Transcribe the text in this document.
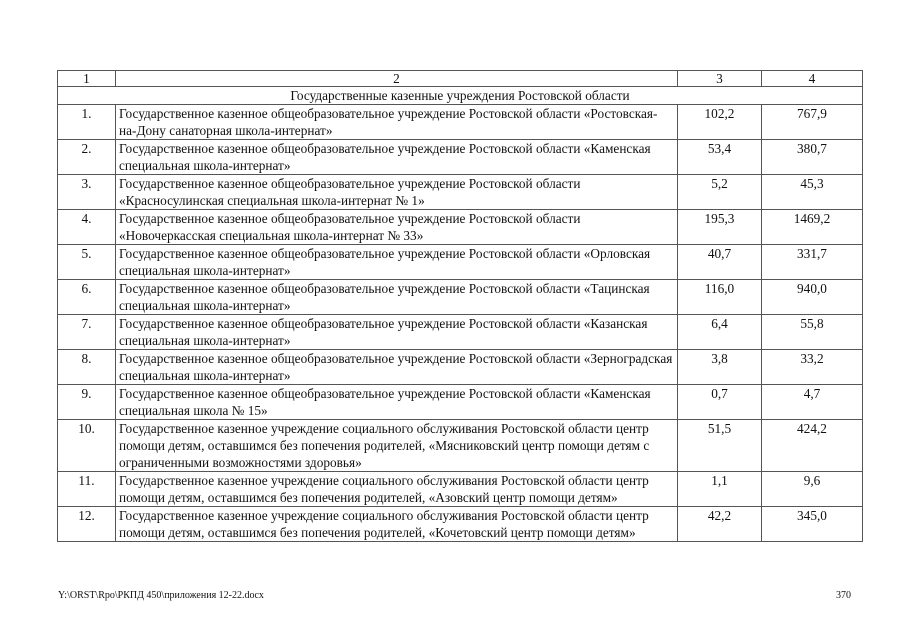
1	2	3	4
Государственные казенные учреждения Ростовской области			
1.	Государственное казенное общеобразовательное учреждение Ростовской области «Ростовская-на-Дону санаторная школа-интернат»	102,2	767,9
2.	Государственное казенное общеобразовательное учреждение Ростовской области «Каменская специальная школа-интернат»	53,4	380,7
3.	Государственное казенное общеобразовательное учреждение Ростовской области «Красносулинская специальная школа-интернат № 1»	5,2	45,3
4.	Государственное казенное общеобразовательное учреждение Ростовской области «Новочеркасская специальная школа-интернат № 33»	195,3	1469,2
5.	Государственное казенное общеобразовательное учреждение Ростовской области «Орловская специальная школа-интернат»	40,7	331,7
6.	Государственное казенное общеобразовательное учреждение Ростовской области «Тацинская специальная школа-интернат»	116,0	940,0
7.	Государственное казенное общеобразовательное учреждение Ростовской области «Казанская специальная школа-интернат»	6,4	55,8
8.	Государственное казенное общеобразовательное учреждение Ростовской области «Зерноградская специальная школа-интернат»	3,8	33,2
9.	Государственное казенное общеобразовательное учреждение Ростовской области «Каменская специальная школа № 15»	0,7	4,7
10.	Государственное казенное учреждение социального обслуживания Ростовской области центр помощи детям, оставшимся без попечения родителей, «Мясниковский центр помощи детям с ограниченными возможностями здоровья»	51,5	424,2
11.	Государственное казенное учреждение социального обслуживания Ростовской области центр помощи детям, оставшимся без попечения родителей, «Азовский центр помощи детям»	1,1	9,6
12.	Государственное казенное учреждение социального обслуживания Ростовской области центр помощи детям, оставшимся без попечения родителей, «Кочетовский центр помощи детям»	42,2	345,0
Y:\ORST\Rpo\РКПД 450\приложения 12-22.docx	370
